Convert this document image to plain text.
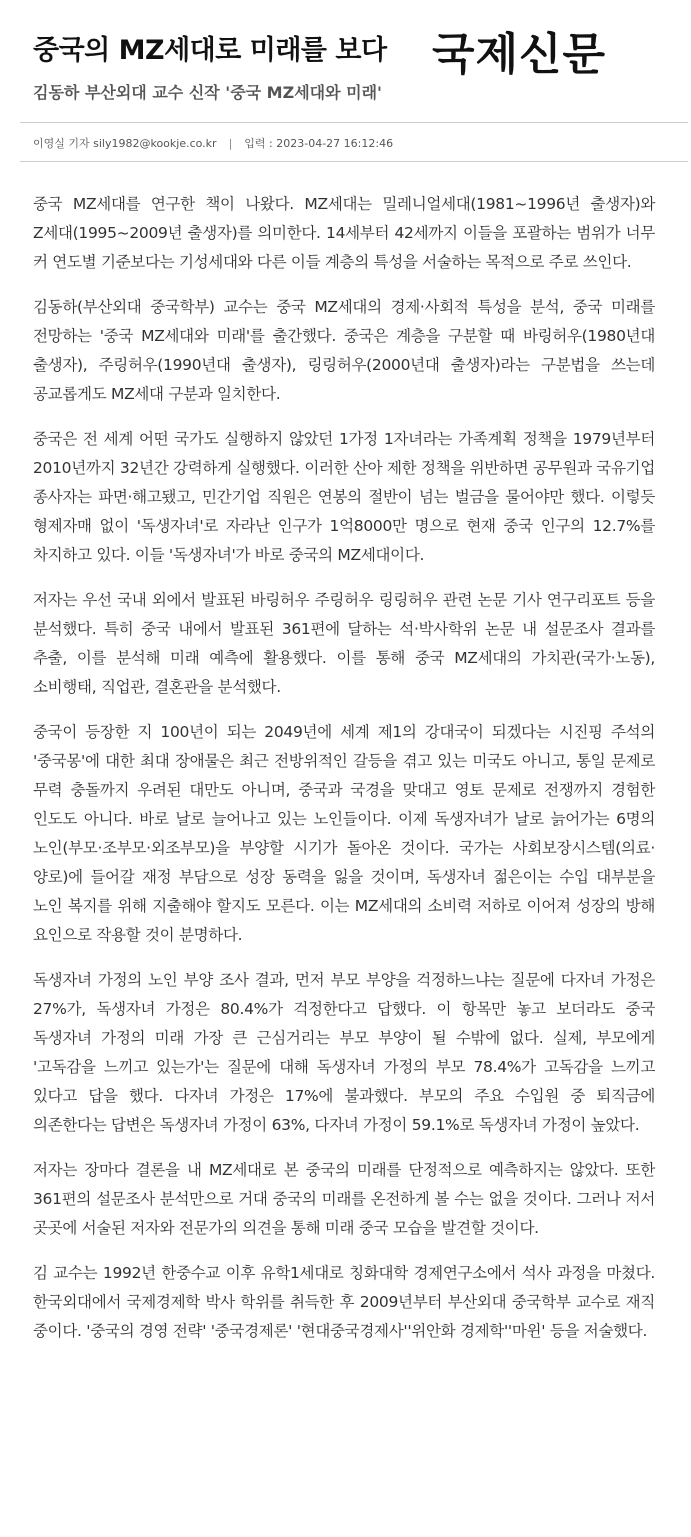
중국의 MZ세대로 미래를 보다
김동하 부산외대 교수 신작 '중국 MZ세대와 미래'
국제신문
이영실 기자 sily1982@kookje.co.kr | 입력 : 2023-04-27 16:12:46

중국 MZ세대를 연구한 책이 나왔다. MZ세대는 밀레니얼세대(1981~1996년 출생자)와 Z세대(1995~2009년 출생자)를 의미한다. 14세부터 42세까지 이들을 포괄하는 범위가 너무 커 연도별 기준보다는 기성세대와 다른 이들 계층의 특성을 서술하는 목적으로 주로 쓰인다.

김동하(부산외대 중국학부) 교수는 중국 MZ세대의 경제·사회적 특성을 분석, 중국 미래를 전망하는 '중국 MZ세대와 미래'를 출간했다. 중국은 계층을 구분할 때 바링허우(1980년대 출생자), 주링허우(1990년대 출생자), 링링허우(2000년대 출생자)라는 구분법을 쓰는데 공교롭게도 MZ세대 구분과 일치한다.

중국은 전 세계 어떤 국가도 실행하지 않았던 1가정 1자녀라는 가족계획 정책을 1979년부터 2010년까지 32년간 강력하게 실행했다. 이러한 산아 제한 정책을 위반하면 공무원과 국유기업 종사자는 파면·해고됐고, 민간기업 직원은 연봉의 절반이 넘는 벌금을 물어야만 했다. 이렇듯 형제자매 없이 '독생자녀'로 자라난 인구가 1억8000만 명으로 현재 중국 인구의 12.7%를 차지하고 있다. 이들 '독생자녀'가 바로 중국의 MZ세대이다.

저자는 우선 국내 외에서 발표된 바링허우 주링허우 링링허우 관련 논문 기사 연구리포트 등을 분석했다. 특히 중국 내에서 발표된 361편에 달하는 석·박사학위 논문 내 설문조사 결과를 추출, 이를 분석해 미래 예측에 활용했다. 이를 통해 중국 MZ세대의 가치관(국가·노동), 소비행태, 직업관, 결혼관을 분석했다.

중국이 등장한 지 100년이 되는 2049년에 세계 제1의 강대국이 되겠다는 시진핑 주석의 '중국몽'에 대한 최대 장애물은 최근 전방위적인 갈등을 겪고 있는 미국도 아니고, 통일 문제로 무력 충돌까지 우려된 대만도 아니며, 중국과 국경을 맞대고 영토 문제로 전쟁까지 경험한 인도도 아니다. 바로 날로 늘어나고 있는 노인들이다. 이제 독생자녀가 날로 늙어가는 6명의 노인(부모·조부모·외조부모)을 부양할 시기가 돌아온 것이다. 국가는 사회보장시스템(의료·양로)에 들어갈 재정 부담으로 성장 동력을 잃을 것이며, 독생자녀 젊은이는 수입 대부분을 노인 복지를 위해 지출해야 할지도 모른다. 이는 MZ세대의 소비력 저하로 이어져 성장의 방해 요인으로 작용할 것이 분명하다.

독생자녀 가정의 노인 부양 조사 결과, 먼저 부모 부양을 걱정하느냐는 질문에 다자녀 가정은 27%가, 독생자녀 가정은 80.4%가 걱정한다고 답했다. 이 항목만 놓고 보더라도 중국 독생자녀 가정의 미래 가장 큰 근심거리는 부모 부양이 될 수밖에 없다. 실제, 부모에게 '고독감을 느끼고 있는가'는 질문에 대해 독생자녀 가정의 부모 78.4%가 고독감을 느끼고 있다고 답을 했다. 다자녀 가정은 17%에 불과했다. 부모의 주요 수입원 중 퇴직금에 의존한다는 답변은 독생자녀 가정이 63%, 다자녀 가정이 59.1%로 독생자녀 가정이 높았다.

저자는 장마다 결론을 내 MZ세대로 본 중국의 미래를 단정적으로 예측하지는 않았다. 또한 361편의 설문조사 분석만으로 거대 중국의 미래를 온전하게 볼 수는 없을 것이다. 그러나 저서 곳곳에 서술된 저자와 전문가의 의견을 통해 미래 중국 모습을 발견할 것이다.

김 교수는 1992년 한중수교 이후 유학1세대로 칭화대학 경제연구소에서 석사 과정을 마쳤다. 한국외대에서 국제경제학 박사 학위를 취득한 후 2009년부터 부산외대 중국학부 교수로 재직 중이다. '중국의 경영 전략' '중국경제론' '현대중국경제사''위안화 경제학''마윈' 등을 저술했다.
